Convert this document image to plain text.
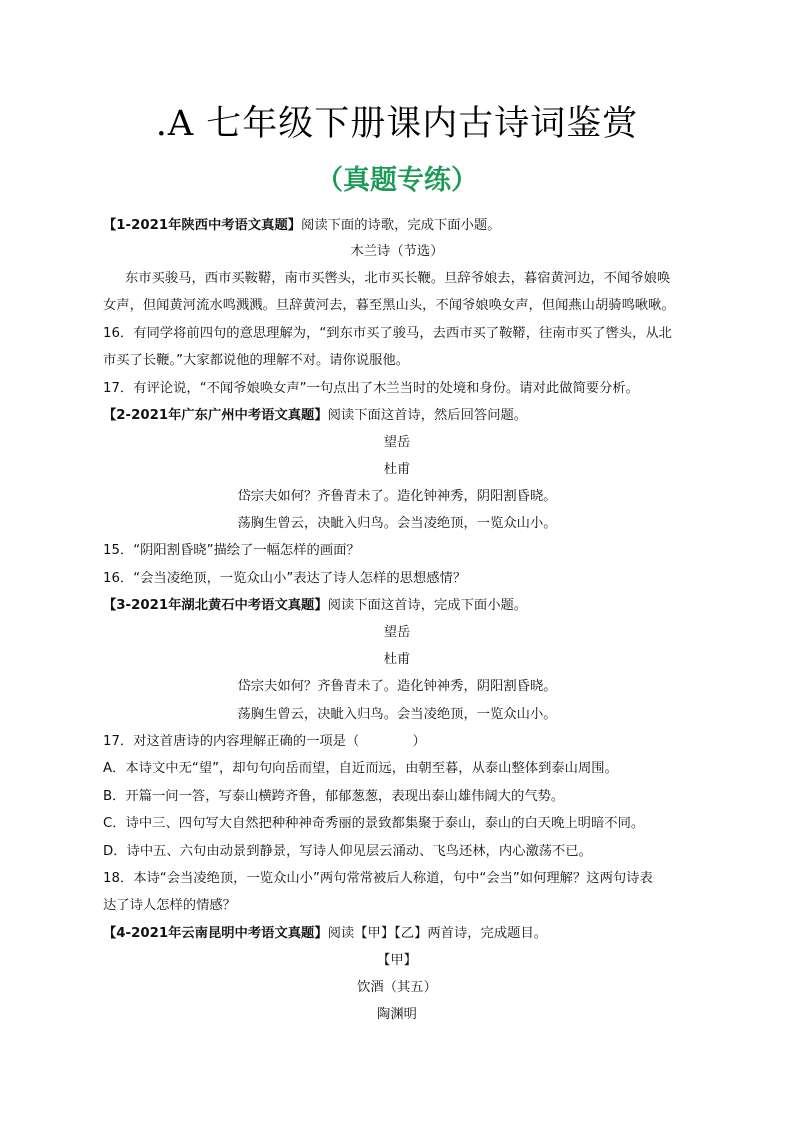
.A 七年级下册课内古诗词鉴赏
（真题专练）
【1-2021年陕西中考语文真题】阅读下面的诗歌，完成下面小题。
木兰诗（节选）
东市买骏马，西市买鞍鞯，南市买辔头，北市买长鞭。旦辞爷娘去，暮宿黄河边，不闻爷娘唤
女声，但闻黄河流水鸣溅溅。旦辞黄河去，暮至黑山头，不闻爷娘唤女声，但闻燕山胡骑鸣啾啾。
16．有同学将前四句的意思理解为，“到东市买了骏马，去西市买了鞍鞯，往南市买了辔头，从北
市买了长鞭。”大家都说他的理解不对。请你说服他。
17．有评论说，“不闻爷娘唤女声”一句点出了木兰当时的处境和身份。请对此做简要分析。
【2-2021年广东广州中考语文真题】阅读下面这首诗，然后回答问题。
望岳
杜甫
岱宗夫如何？齐鲁青未了。造化钟神秀，阴阳割昏晓。
荡胸生曾云，决眦入归鸟。会当凌绝顶，一览众山小。
15．“阴阳割昏晓”描绘了一幅怎样的画面？
16．“会当凌绝顶，一览众山小”表达了诗人怎样的思想感情？
【3-2021年湖北黄石中考语文真题】阅读下面这首诗，完成下面小题。
望岳
杜甫
岱宗夫如何？齐鲁青未了。造化钟神秀，阴阳割昏晓。
荡胸生曾云，决眦入归鸟。会当凌绝顶，一览众山小。
17．对这首唐诗的内容理解正确的一项是（　　　　）
A．本诗文中无“望”，却句句向岳而望，自近而远，由朝至暮，从泰山整体到泰山周围。
B．开篇一问一答，写泰山横跨齐鲁，郁郁葱葱，表现出泰山雄伟阔大的气势。
C．诗中三、四句写大自然把种种神奇秀丽的景致都集聚于泰山，泰山的白天晚上明暗不同。
D．诗中五、六句由动景到静景，写诗人仰见层云涌动、飞鸟还林，内心激荡不已。
18．本诗“会当凌绝顶，一览众山小”两句常常被后人称道，句中“会当”如何理解？这两句诗表
达了诗人怎样的情感？
【4-2021年云南昆明中考语文真题】阅读【甲】【乙】两首诗，完成题目。
【甲】
饮酒（其五）
陶渊明
